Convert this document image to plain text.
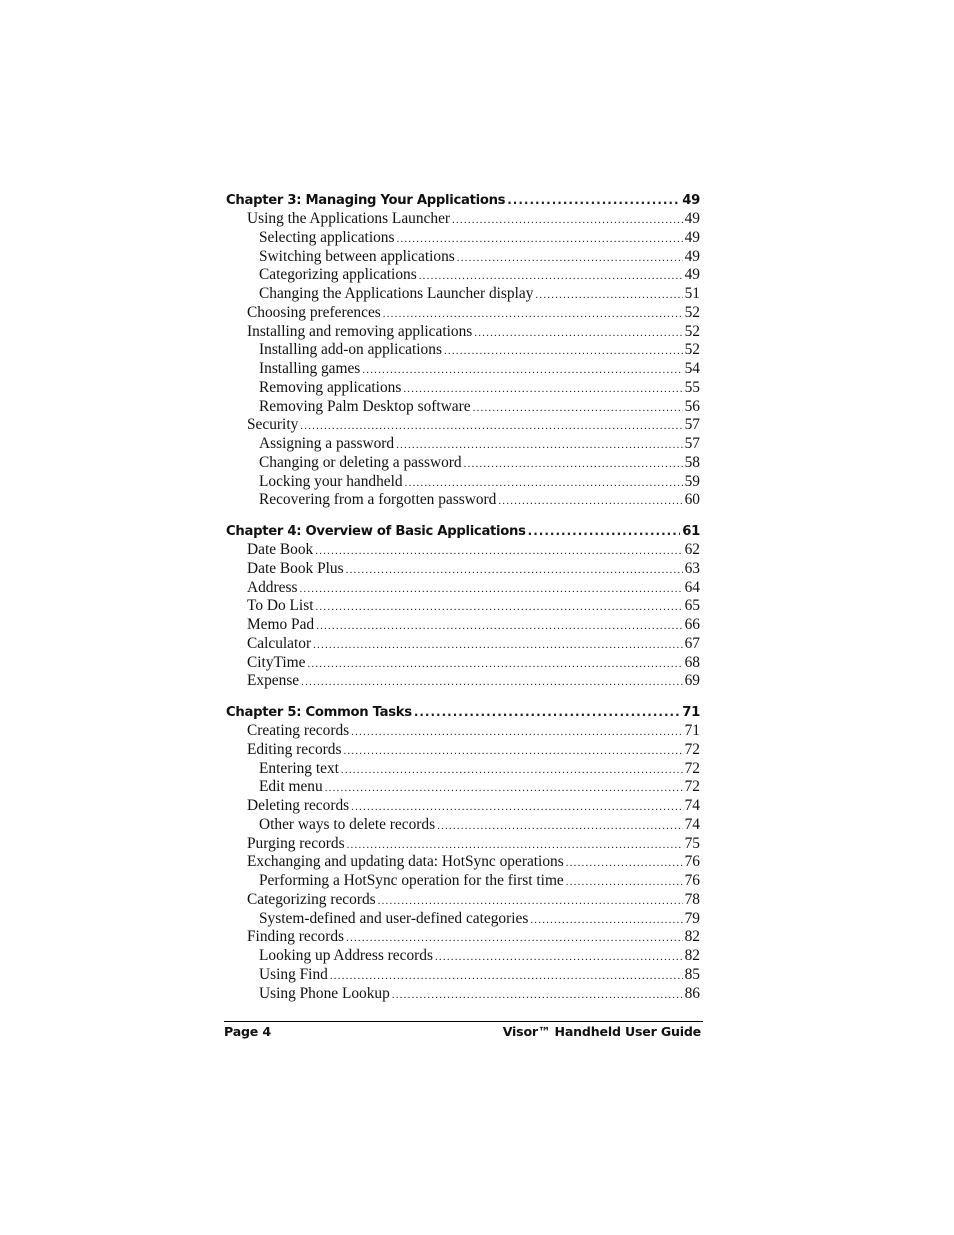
Chapter 3: Managing Your Applications .....	49
Using the Applications Launcher .....	49
Selecting applications .....	49
Switching between applications .....	49
Categorizing applications .....	49
Changing the Applications Launcher display .....	51
Choosing preferences .....	52
Installing and removing applications .....	52
Installing add-on applications .....	52
Installing games .....	54
Removing applications .....	55
Removing Palm Desktop software .....	56
Security .....	57
Assigning a password .....	57
Changing or deleting a password .....	58
Locking your handheld .....	59
Recovering from a forgotten password .....	60
Chapter 4: Overview of Basic Applications .....	61
Date Book .....	62
Date Book Plus .....	63
Address .....	64
To Do List .....	65
Memo Pad .....	66
Calculator .....	67
CityTime .....	68
Expense .....	69
Chapter 5: Common Tasks .....	71
Creating records .....	71
Editing records .....	72
Entering text .....	72
Edit menu .....	72
Deleting records .....	74
Other ways to delete records .....	74
Purging records .....	75
Exchanging and updating data: HotSync operations .....	76
Performing a HotSync operation for the first time .....	76
Categorizing records .....	78
System-defined and user-defined categories .....	79
Finding records .....	82
Looking up Address records .....	82
Using Find .....	85
Using Phone Lookup .....	86
Page 4	Visor™ Handheld User Guide
